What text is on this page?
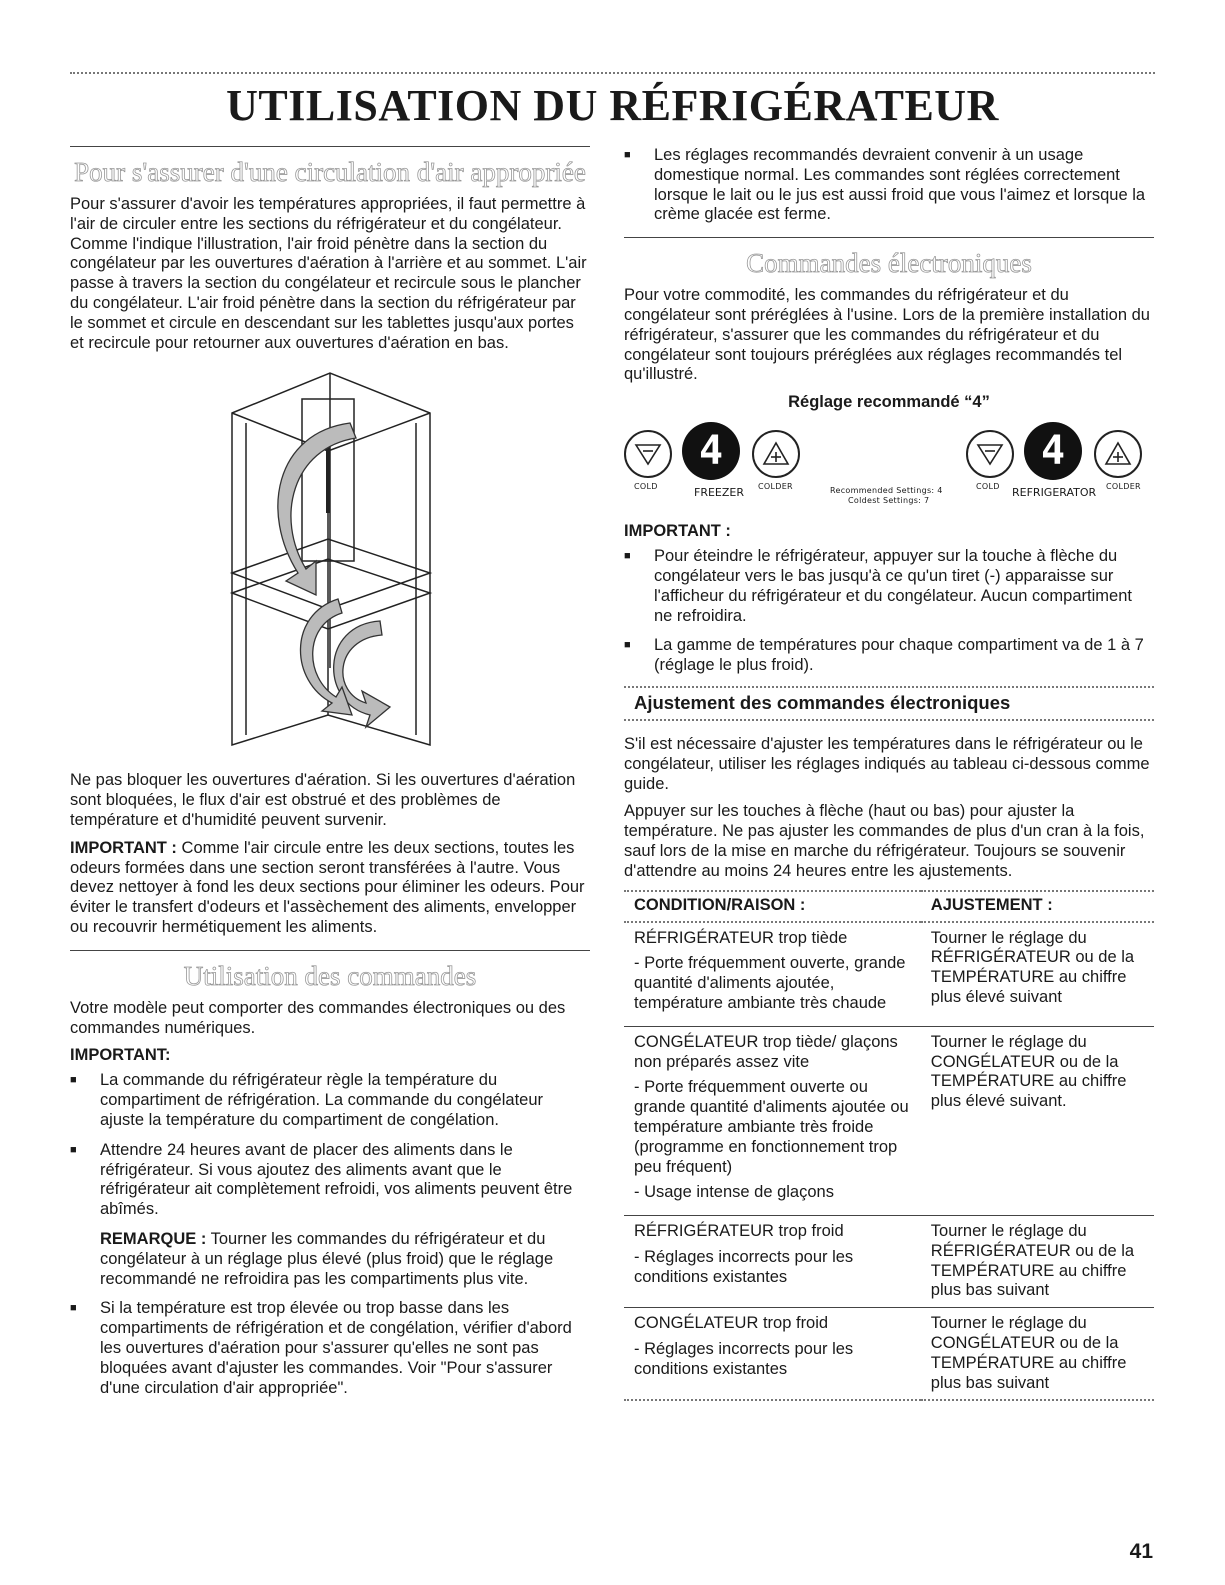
UTILISATION DU RÉFRIGÉRATEUR
Pour s'assurer d'une circulation d'air appropriée

Pour s'assurer d'avoir les températures appropriées, il faut permettre à l'air de circuler entre les sections du réfrigérateur et du congélateur. Comme l'indique l'illustration, l'air froid pénètre dans la section du congélateur par les ouvertures d'aération à l'arrière et au sommet. L'air passe à travers la section du congélateur et recircule sous le plancher du congélateur. L'air froid pénètre dans la section du réfrigérateur par le sommet et circule en descendant sur les tablettes jusqu'aux portes et recircule pour retourner aux ouvertures d'aération en bas.

Ne pas bloquer les ouvertures d'aération. Si les ouvertures d'aération sont bloquées, le flux d'air est obstrué et des problèmes de température et d'humidité peuvent survenir.

IMPORTANT : Comme l'air circule entre les deux sections, toutes les odeurs formées dans une section seront transférées à l'autre. Vous devez nettoyer à fond les deux sections pour éliminer les odeurs. Pour éviter le transfert d'odeurs et l'assèchement des aliments, envelopper ou recouvrir hermétiquement les aliments.

Utilisation des commandes

Votre modèle peut comporter des commandes électroniques ou des commandes numériques.

IMPORTANT:
■ La commande du réfrigérateur règle la température du compartiment de réfrigération. La commande du congélateur ajuste la température du compartiment de congélation.
■ Attendre 24 heures avant de placer des aliments dans le réfrigérateur. Si vous ajoutez des aliments avant que le réfrigérateur ait complètement refroidi, vos aliments peuvent être abîmés.

REMARQUE : Tourner les commandes du réfrigérateur et du congélateur à un réglage plus élevé (plus froid) que le réglage recommandé ne refroidira pas les compartiments plus vite.

■ Si la température est trop élevée ou trop basse dans les compartiments de réfrigération et de congélation, vérifier d'abord les ouvertures d'aération pour s'assurer qu'elles ne sont pas bloquées avant d'ajuster les commandes. Voir "Pour s'assurer d'une circulation d'air appropriée".
■ Les réglages recommandés devraient convenir à un usage domestique normal. Les commandes sont réglées correctement lorsque le lait ou le jus est aussi froid que vous l'aimez et lorsque la crème glacée est ferme.
Commandes électroniques

Pour votre commodité, les commandes du réfrigérateur et du congélateur sont préréglées à l'usine. Lors de la première installation du réfrigérateur, s'assurer que les commandes du réfrigérateur et du congélateur sont toujours préréglées aux réglages recommandés tel qu'illustré.

Réglage recommandé “4”
4
COLD	FREEZER COLDER	Recommended Settings: 4
Coldest Settings: 7
4
COLD REFRIGERATOR COLDER
IMPORTANT :
■ Pour éteindre le réfrigérateur, appuyer sur la touche à flèche du congélateur vers le bas jusqu'à ce qu'un tiret (-) apparaisse sur l'afficheur du réfrigérateur et du congélateur. Aucun compartiment ne refroidira.
■ La gamme de températures pour chaque compartiment va de 1 à 7 (réglage le plus froid).
Ajustement des commandes électroniques

S'il est nécessaire d'ajuster les températures dans le réfrigérateur ou le congélateur, utiliser les réglages indiqués au tableau ci-dessous comme guide.

Appuyer sur les touches à flèche (haut ou bas) pour ajuster la température. Ne pas ajuster les commandes de plus d'un cran à la fois, sauf lors de la mise en marche du réfrigérateur. Toujours se souvenir d'attendre au moins 24 heures entre les ajustements.

CONDITION/RAISON :	AJUSTEMENT :

RÉFRIGÉRATEUR trop tiède
- Porte fréquemment ouverte, grande quantité d'aliments ajoutée, température ambiante très chaude	Tourner le réglage du RÉFRIGÉRATEUR ou de la TEMPÉRATURE au chiffre plus élevé suivant

CONGÉLATEUR trop tiède/ glaçons non préparés assez vite
- Porte fréquemment ouverte ou grande quantité d'aliments ajoutée ou température ambiante très froide (programme en fonctionnement trop peu fréquent)
- Usage intense de glaçons	Tourner le réglage du CONGÉLATEUR ou de la TEMPÉRATURE au chiffre plus élevé suivant.

RÉFRIGÉRATEUR trop froid
- Réglages incorrects pour les conditions existantes	Tourner le réglage du RÉFRIGÉRATEUR ou de la TEMPÉRATURE au chiffre plus bas suivant

CONGÉLATEUR trop froid
- Réglages incorrects pour les conditions existantes	Tourner le réglage du CONGÉLATEUR ou de la TEMPÉRATURE au chiffre plus bas suivant
41
